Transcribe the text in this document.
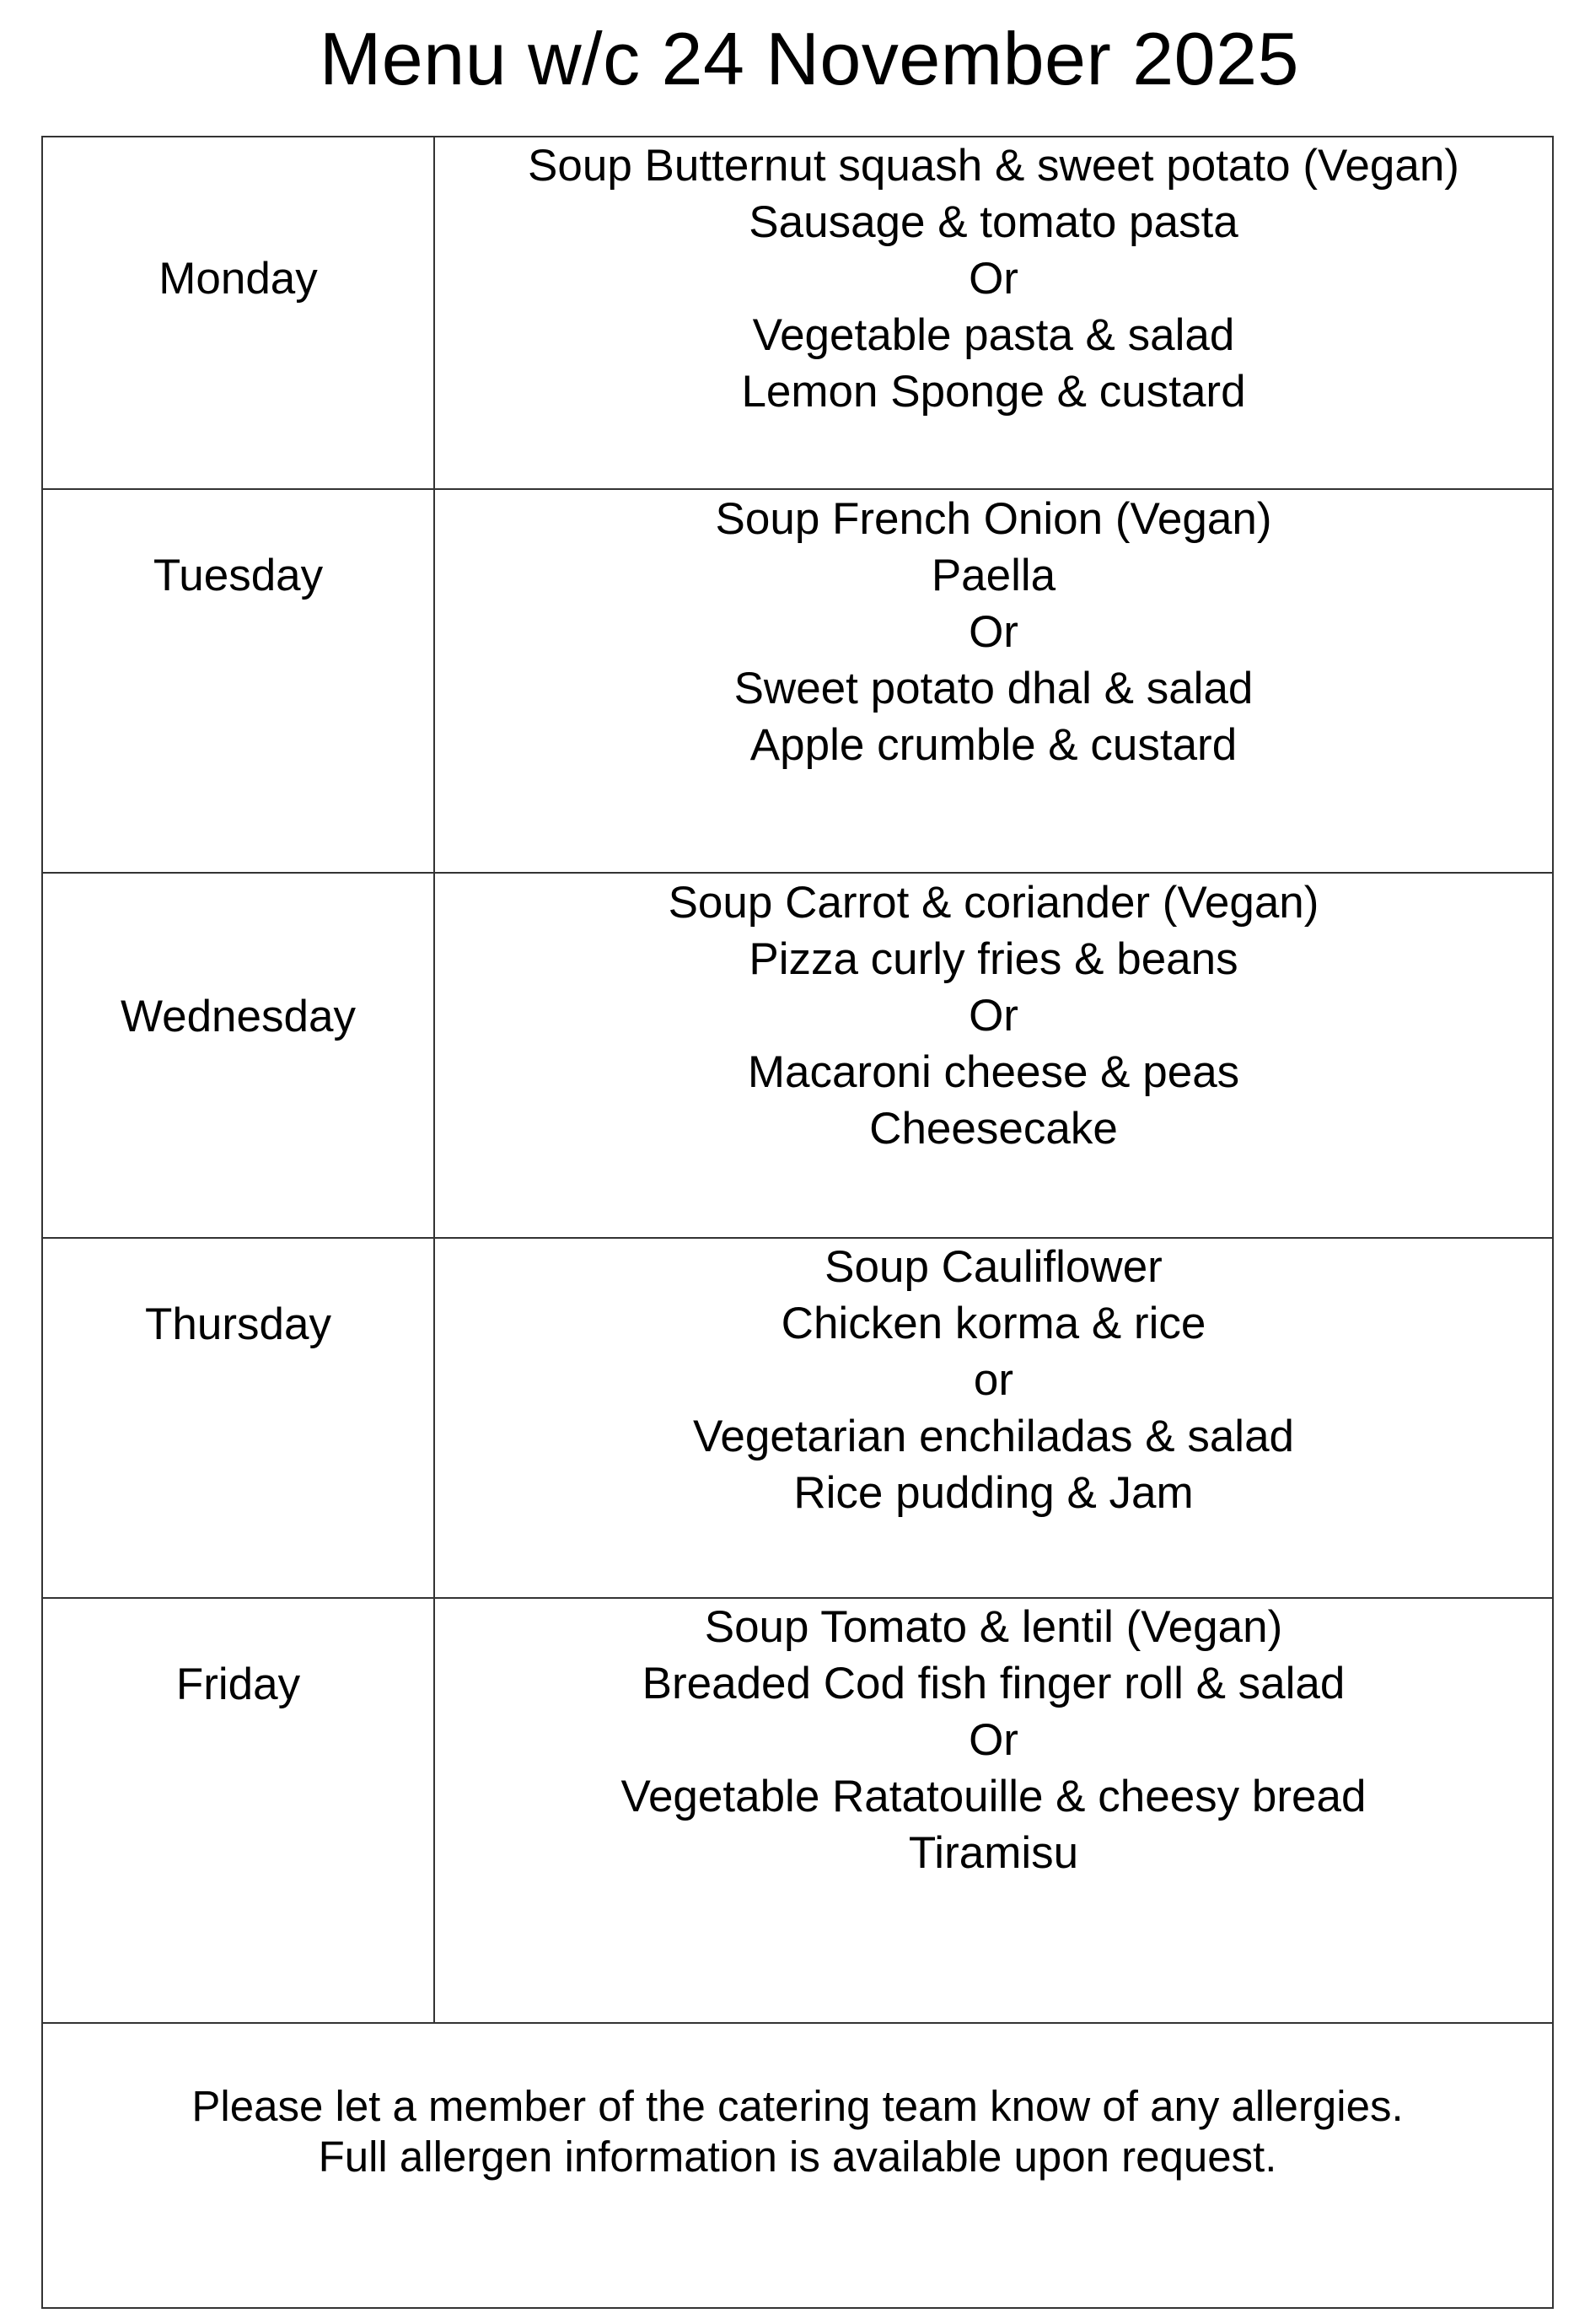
Menu w/c 24 November 2025
Monday	Soup Butternut squash & sweet potato (Vegan)
Sausage & tomato pasta
Or
Vegetable pasta & salad
Lemon Sponge & custard

Tuesday	Soup French Onion (Vegan)
Paella
Or
Sweet potato dhal & salad
Apple crumble & custard

Wednesday	Soup Carrot & coriander (Vegan)
Pizza curly fries & beans
Or
Macaroni cheese & peas
Cheesecake

Thursday	Soup Cauliflower
Chicken korma & rice
or
Vegetarian enchiladas & salad
Rice pudding & Jam

Friday	Soup Tomato & lentil (Vegan)
Breaded Cod fish finger roll & salad
Or
Vegetable Ratatouille & cheesy bread
Tiramisu

Please let a member of the catering team know of any allergies.
Full allergen information is available upon request.	
